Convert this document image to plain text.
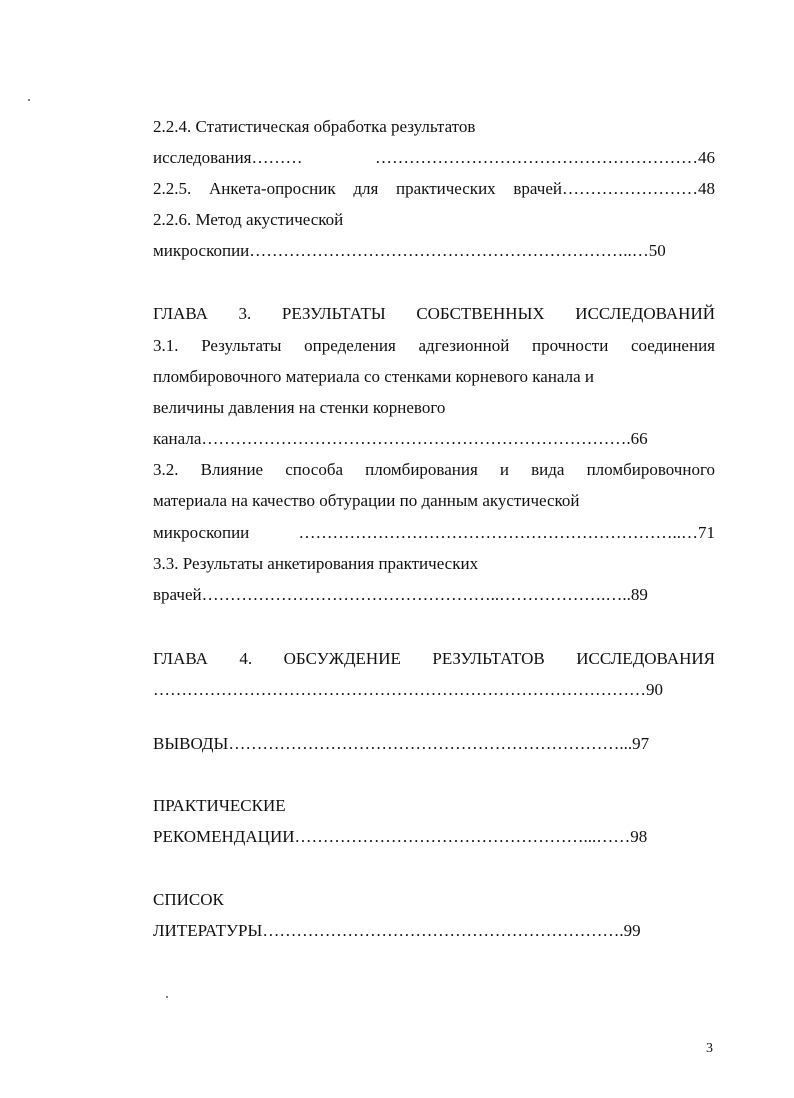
2.2.4. Статистическая обработка результатов
исследования……… …………………………………………………46
2.2.5. Анкета-опросник для практических врачей……………………48
2.2.6. Метод акустической
микроскопии…………………………………………………………..…50
ГЛАВА 3. РЕЗУЛЬТАТЫ СОБСТВЕННЫХ ИССЛЕДОВАНИЙ
3.1. Результаты определения адгезионной прочности соединения
пломбировочного материала со стенками корневого канала и
величины давления на стенки корневого
канала………………………………………………………………….66
3.2. Влияние способа пломбирования и вида пломбировочного
материала на качество обтурации по данным акустической
микроскопии …………………………………………………………..…71
3.3. Результаты анкетирования практических
врачей……………………………………………..……………….…..89
ГЛАВА 4. ОБСУЖДЕНИЕ РЕЗУЛЬТАТОВ ИССЛЕДОВАНИЯ
……………………………………………………………………………90
ВЫВОДЫ……………………………………………………………...97
ПРАКТИЧЕСКИЕ
РЕКОМЕНДАЦИИ……………………………………………...……98
СПИСОК
ЛИТЕРАТУРЫ……………………………………………………….99
3
